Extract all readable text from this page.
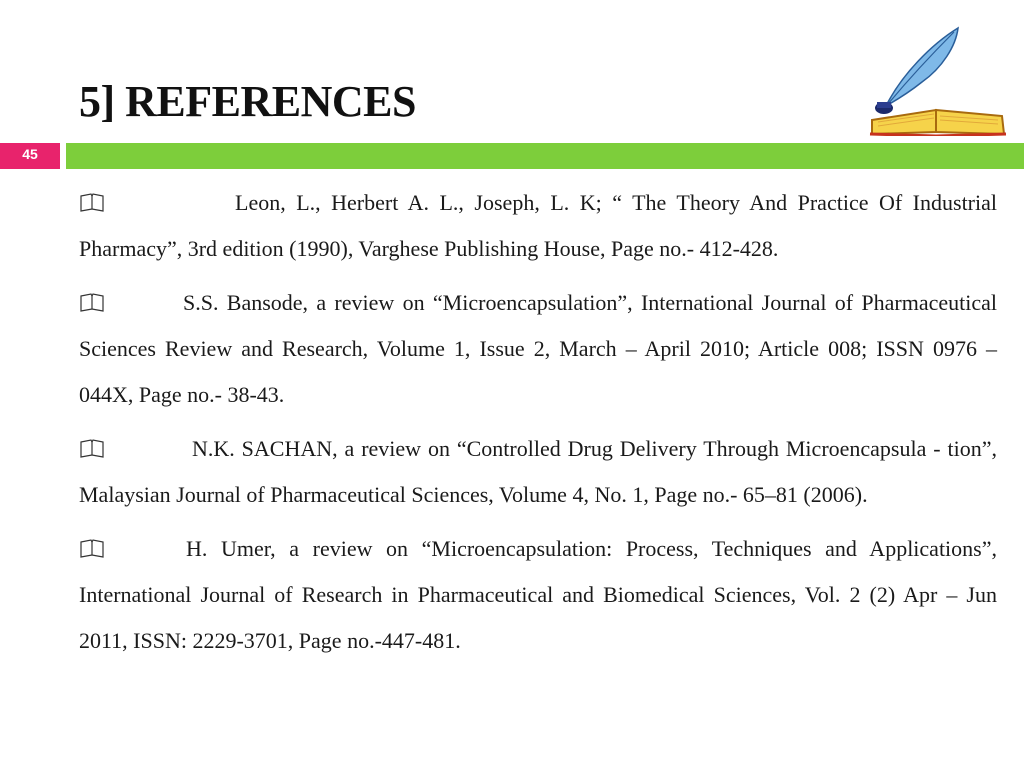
5] REFERENCES
45
Leon, L., Herbert A. L., Joseph, L. K; “ The Theory And Practice Of Industrial Pharmacy”, 3rd edition (1990), Varghese Publishing House, Page no.- 412-428.
S.S. Bansode, a review on “Microencapsulation”, International Journal of Pharmaceutical Sciences Review and Research, Volume 1, Issue 2, March – April 2010; Article 008; ISSN 0976 – 044X, Page no.- 38-43.
N.K. SACHAN, a review on “Controlled Drug Delivery Through Microencapsula - tion”, Malaysian Journal of Pharmaceutical Sciences, Volume 4, No. 1, Page no.- 65–81 (2006).
H. Umer, a review on “Microencapsulation: Process, Techniques and Applications”, International Journal of Research in Pharmaceutical and Biomedical Sciences, Vol. 2 (2) Apr – Jun 2011, ISSN: 2229-3701, Page no.-447-481.
